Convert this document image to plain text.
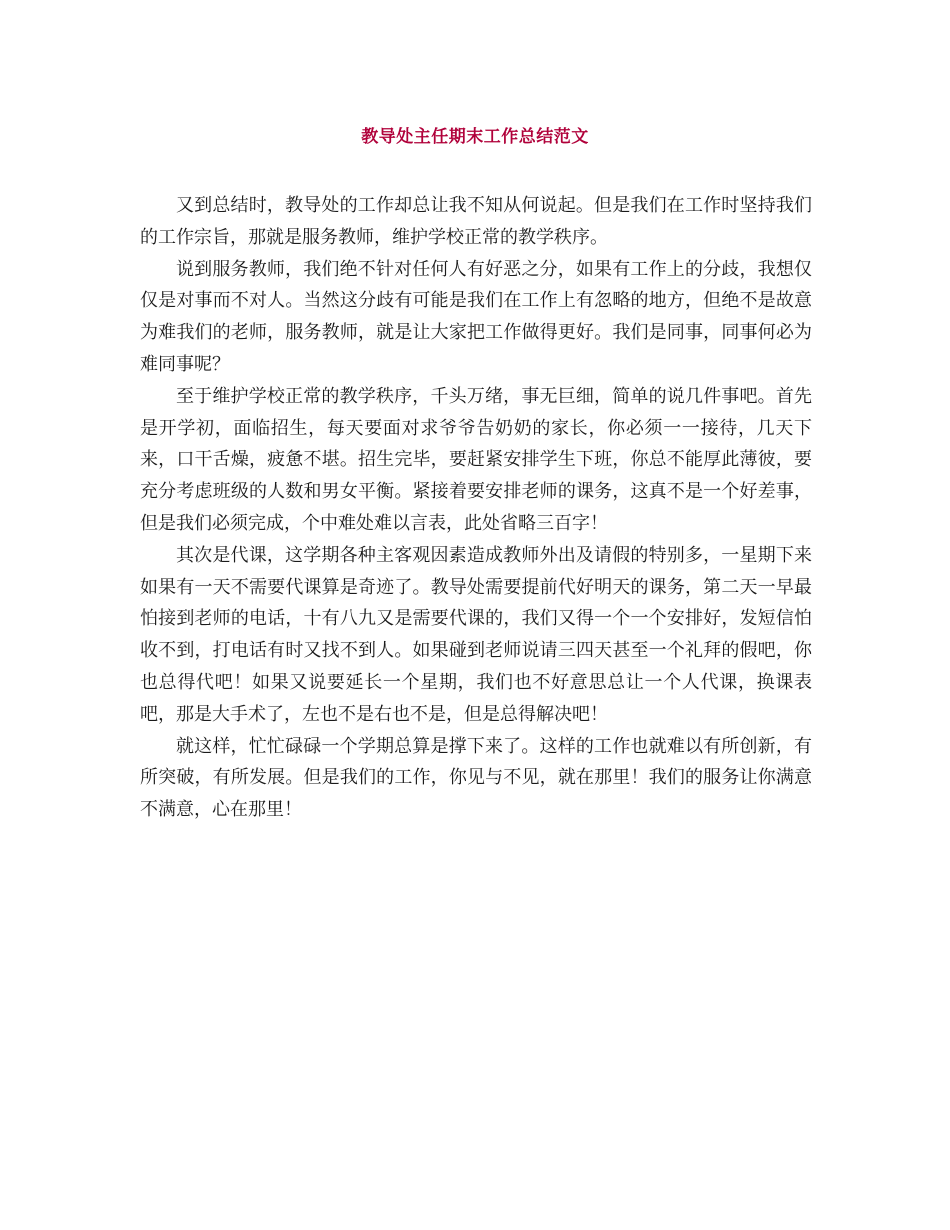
教导处主任期末工作总结范文

又到总结时，教导处的工作却总让我不知从何说起。但是我们在工作时坚持我们的工作宗旨，那就是服务教师，维护学校正常的教学秩序。

说到服务教师，我们绝不针对任何人有好恶之分，如果有工作上的分歧，我想仅仅是对事而不对人。当然这分歧有可能是我们在工作上有忽略的地方，但绝不是故意为难我们的老师，服务教师，就是让大家把工作做得更好。我们是同事，同事何必为难同事呢？

至于维护学校正常的教学秩序，千头万绪，事无巨细，简单的说几件事吧。首先是开学初，面临招生，每天要面对求爷爷告奶奶的家长，你必须一一接待，几天下来，口干舌燥，疲惫不堪。招生完毕，要赶紧安排学生下班，你总不能厚此薄彼，要充分考虑班级的人数和男女平衡。紧接着要安排老师的课务，这真不是一个好差事，但是我们必须完成，个中难处难以言表，此处省略三百字！

其次是代课，这学期各种主客观因素造成教师外出及请假的特别多，一星期下来如果有一天不需要代课算是奇迹了。教导处需要提前代好明天的课务，第二天一早最怕接到老师的电话，十有八九又是需要代课的，我们又得一个一个安排好，发短信怕收不到，打电话有时又找不到人。如果碰到老师说请三四天甚至一个礼拜的假吧，你也总得代吧！如果又说要延长一个星期，我们也不好意思总让一个人代课，换课表吧，那是大手术了，左也不是右也不是，但是总得解决吧！

就这样，忙忙碌碌一个学期总算是撑下来了。这样的工作也就难以有所创新，有所突破，有所发展。但是我们的工作，你见与不见，就在那里！我们的服务让你满意不满意，心在那里！
